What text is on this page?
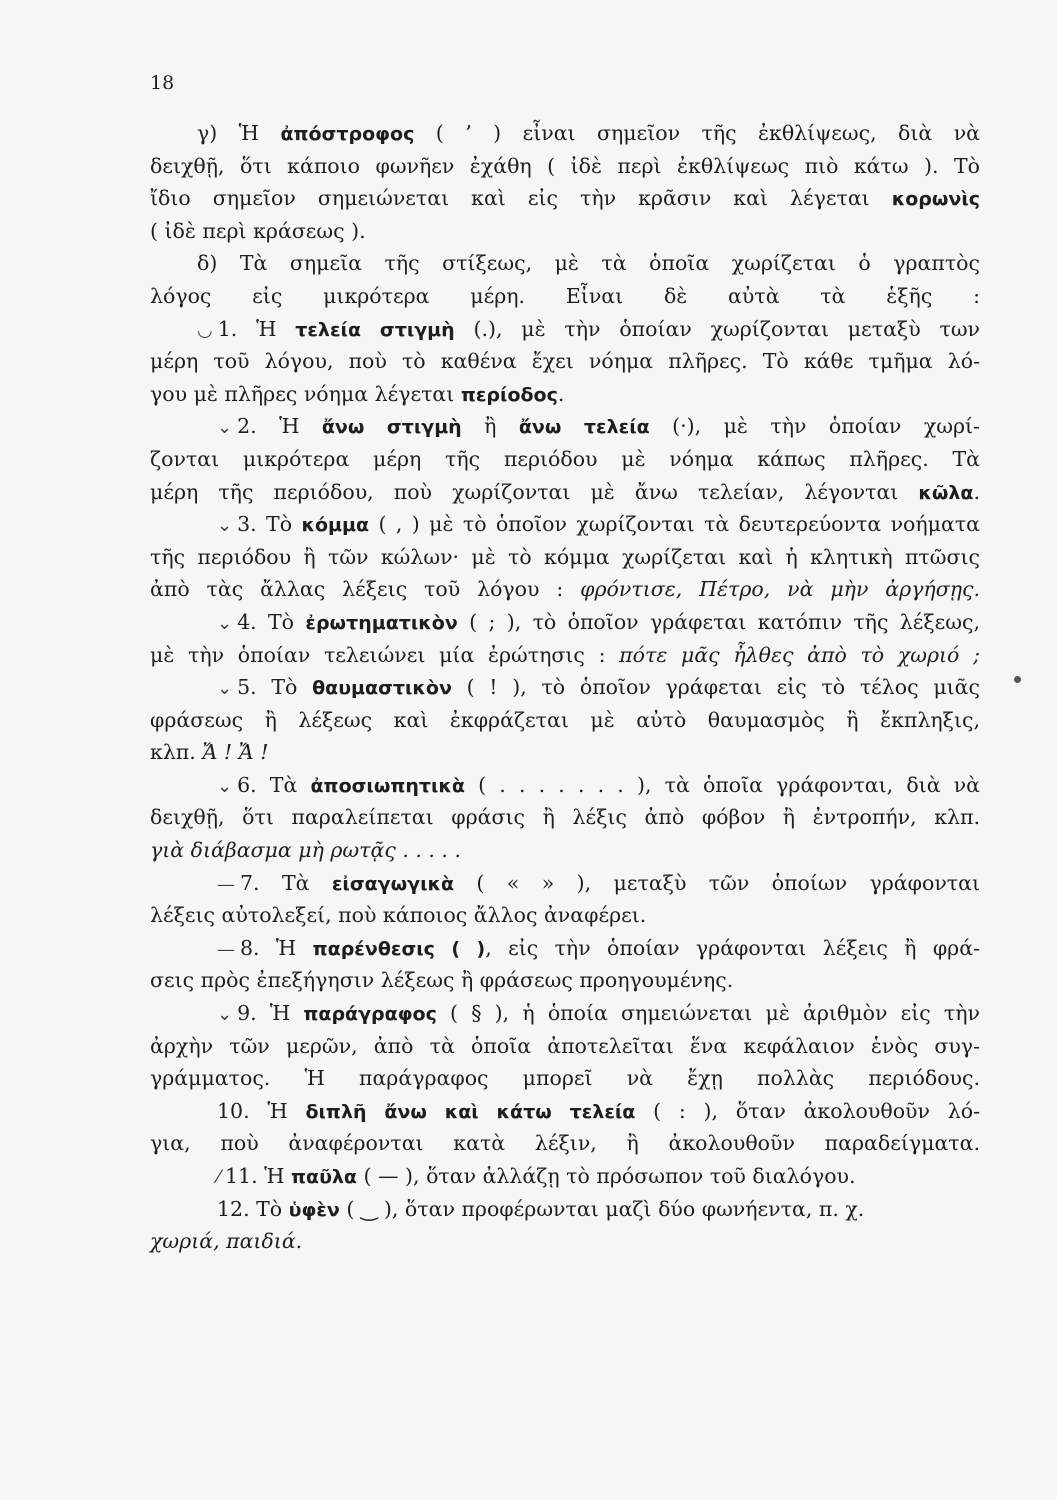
18
γ) Ἡ ἀπόστροφος ( ’ ) εἶναι σημεῖον τῆς ἐκθλίψεως, διὰ νὰ
δειχθῇ, ὅτι κάποιο φωνῆεν ἐχάθη ( ἰδὲ περὶ ἐκθλίψεως πιὸ κάτω ). Τὸ
ἴδιο σημεῖον σημειώνεται καὶ εἰς τὴν κρᾶσιν καὶ λέγεται κορωνὶς
( ἰδὲ περὶ κράσεως ).
δ) Τὰ σημεῖα τῆς στίξεως, μὲ τὰ ὁποῖα χωρίζεται ὁ γραπτὸς
λόγος εἰς μικρότερα μέρη. Εἶναι δὲ αὐτὰ τὰ ἑξῆς :
◡ 1. Ἡ τελεία στιγμὴ (.), μὲ τὴν ὁποίαν χωρίζονται μεταξὺ των
μέρη τοῦ λόγου, ποὺ τὸ καθένα ἔχει νόημα πλῆρες. Τὸ κάθε τμῆμα λό-
γου μὲ πλῆρες νόημα λέγεται περίοδος.
⌄ 2. Ἡ ἄνω στιγμὴ ἢ ἄνω τελεία (·), μὲ τὴν ὁποίαν χωρί-
ζονται μικρότερα μέρη τῆς περιόδου μὲ νόημα κάπως πλῆρες. Τὰ
μέρη τῆς περιόδου, ποὺ χωρίζονται μὲ ἄνω τελείαν, λέγονται κῶλα.
⌄ 3. Τὸ κόμμα ( , ) μὲ τὸ ὁποῖον χωρίζονται τὰ δευτερεύοντα νοήματα
τῆς περιόδου ἢ τῶν κώλων· μὲ τὸ κόμμα χωρίζεται καὶ ἡ κλητικὴ πτῶσις
ἀπὸ τὰς ἄλλας λέξεις τοῦ λόγου : φρόντισε, Πέτρο, νὰ μὴν ἀργήσῃς.
⌄ 4. Τὸ ἐρωτηματικὸν ( ; ), τὸ ὁποῖον γράφεται κατόπιν τῆς λέξεως,
μὲ τὴν ὁποίαν τελειώνει μία ἐρώτησις : πότε μᾶς ἦλθες ἀπὸ τὸ χωριό ;
⌄ 5. Τὸ θαυμαστικὸν ( ! ), τὸ ὁποῖον γράφεται εἰς τὸ τέλος μιᾶς
φράσεως ἢ λέξεως καὶ ἐκφράζεται μὲ αὐτὸ θαυμασμὸς ἢ ἔκπληξις,
κλπ. Ἄ ! Ἄ !
⌄ 6. Τὰ ἀποσιωπητικὰ ( . . . . . . . ), τὰ ὁποῖα γράφονται, διὰ νὰ
δειχθῇ, ὅτι παραλείπεται φράσις ἢ λέξις ἀπὸ φόβον ἢ ἐντροπήν, κλπ.
γιὰ διάβασμα μὴ ρωτᾷς . . . . .
— 7. Τὰ εἰσαγωγικὰ ( « » ), μεταξὺ τῶν ὁποίων γράφονται
λέξεις αὐτολεξεί, ποὺ κάποιος ἄλλος ἀναφέρει.
— 8. Ἡ παρένθεσις ( ), εἰς τὴν ὁποίαν γράφονται λέξεις ἢ φρά-
σεις πρὸς ἐπεξήγησιν λέξεως ἢ φράσεως προηγουμένης.
⌄ 9. Ἡ παράγραφος ( § ), ἡ ὁποία σημειώνεται μὲ ἀριθμὸν εἰς τὴν
ἀρχὴν τῶν μερῶν, ἀπὸ τὰ ὁποῖα ἀποτελεῖται ἕνα κεφάλαιον ἑνὸς συγ-
γράμματος. Ἡ παράγραφος μπορεῖ νὰ ἔχῃ πολλὰς περιόδους.
10. Ἡ διπλῆ ἄνω καὶ κάτω τελεία ( : ), ὅταν ἀκολουθοῦν λό-
για, ποὺ ἀναφέρονται κατὰ λέξιν, ἢ ἀκολουθοῦν παραδείγματα.
⁄ 11. Ἡ παῦλα ( — ), ὅταν ἀλλάζῃ τὸ πρόσωπον τοῦ διαλόγου.
12. Τὸ ὑφὲν ( ‿ ), ὅταν προφέρωνται μαζὶ δύο φωνήεντα, π. χ.
χωριά, παιδιά.
